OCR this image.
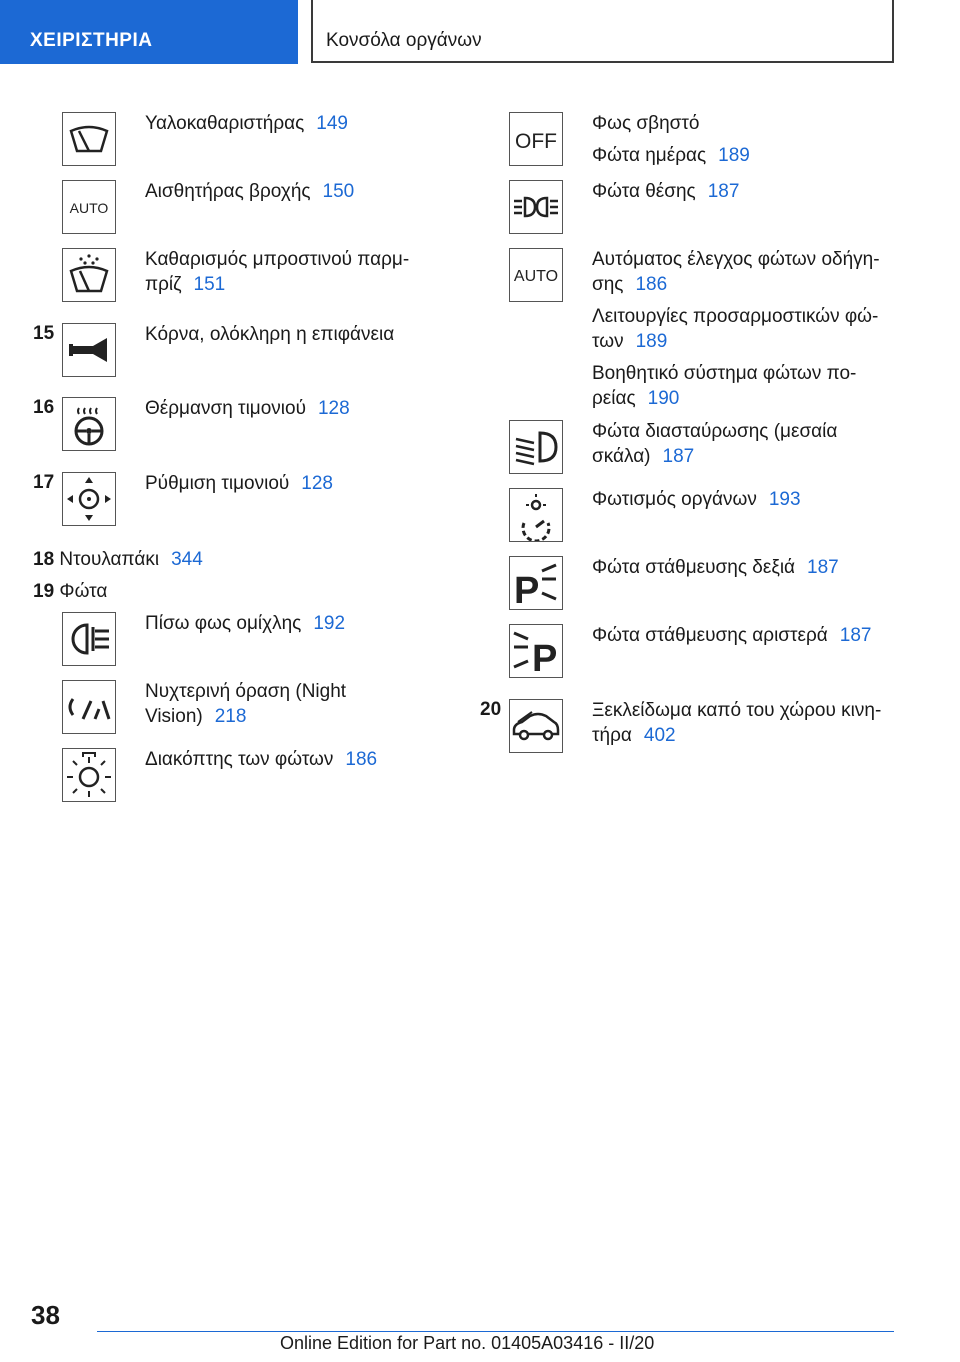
ΧΕΙΡΙΣΤΗΡΙΑ	Κονσόλα οργάνων
Υαλοκαθαριστήρας 149
AUTO
Αισθητήρας βροχής 150
Καθαρισμός μπροστινού παρμ-
πρίζ 151
15	Κόρνα, ολόκληρη η επιφάνεια
16	Θέρμανση τιμονιού 128
17	Ρύθμιση τιμονιού 128
18 Ντουλαπάκι 344
19 Φώτα
Πίσω φως ομίχλης 192
Νυχτερινή όραση (Night
Vision) 218
Διακόπτης των φώτων 186
OFF
Φως σβηστό
Φώτα ημέρας 189
Φώτα θέσης 187
AUTO
Αυτόματος έλεγχος φώτων οδήγη-
σης 186
Λειτουργίες προσαρμοστικών φώ-
των 189
Βοηθητικό σύστημα φώτων πο-
ρείας 190
Φώτα διασταύρωσης (μεσαία
σκάλα) 187
Φωτισμός οργάνων 193
P
Φώτα στάθμευσης δεξιά 187
P
Φώτα στάθμευσης αριστερά 187
20	Ξεκλείδωμα καπό του χώρου κινη-
τήρα 402
38
Online Edition for Part no. 01405A03416 - II/20
